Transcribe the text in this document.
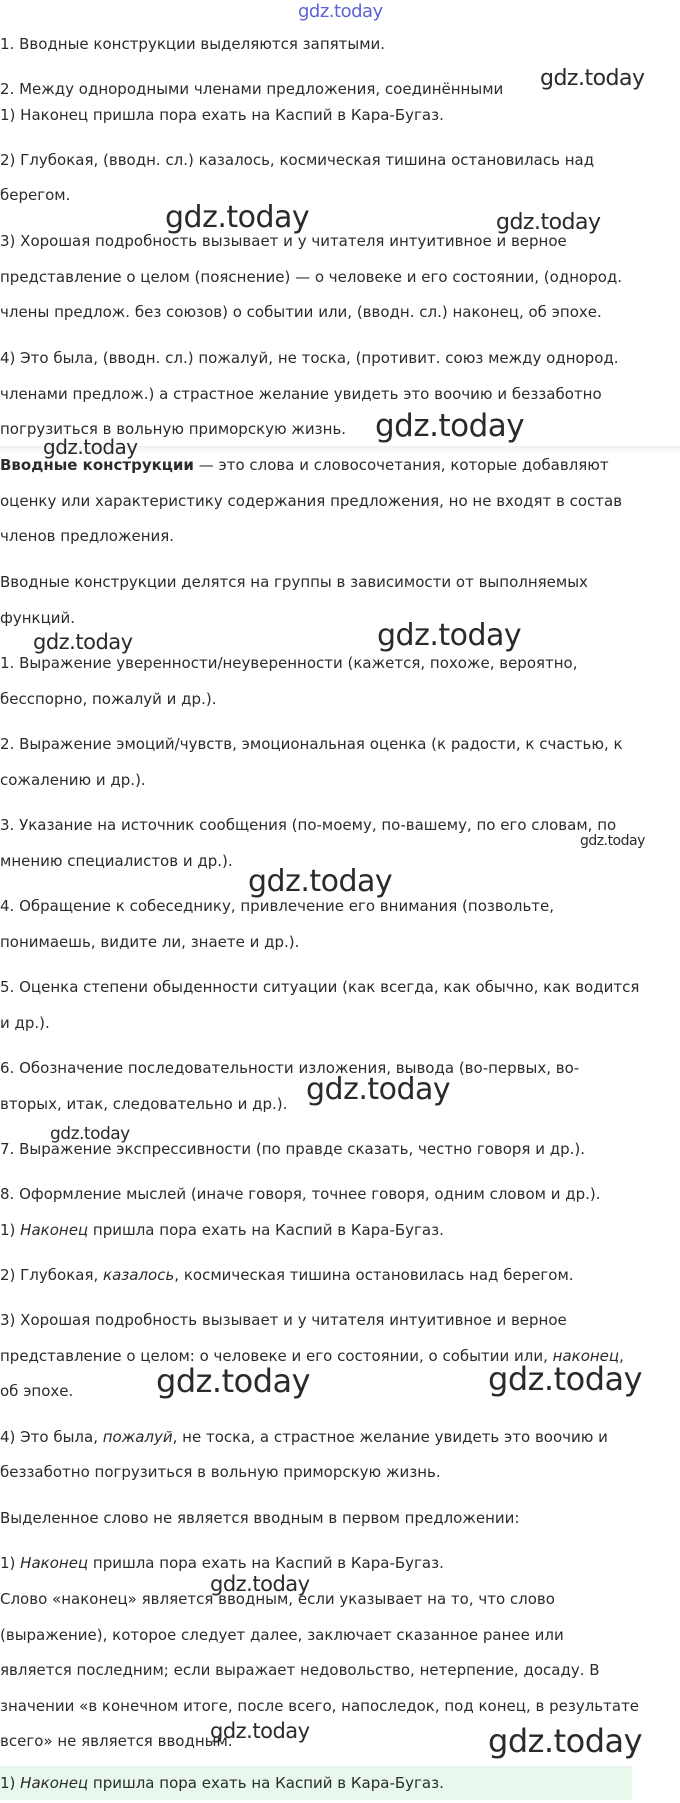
1. Вводные конструкции выделяются запятыми.
2. Между однородными членами предложения, соединёнными
1) Наконец пришла пора ехать на Каспий в Кара-Бугаз.
2) Глубокая, (вводн. сл.) казалось, космическая тишина остановилась над
берегом.
3) Хорошая подробность вызывает и у читателя интуитивное и верное
представление о целом (пояснение) — о человеке и его состоянии, (однород.
члены предлож. без союзов) о событии или, (вводн. сл.) наконец, об эпохе.
4) Это была, (вводн. сл.) пожалуй, не тоска, (противит. союз между однород.
членами предлож.) а страстное желание увидеть это воочию и беззаботно
погрузиться в вольную приморскую жизнь.
Вводные конструкции — это слова и словосочетания, которые добавляют
оценку или характеристику содержания предложения, но не входят в состав
членов предложения.
Вводные конструкции делятся на группы в зависимости от выполняемых
функций.
1. Выражение уверенности/неуверенности (кажется, похоже, вероятно,
бесспорно, пожалуй и др.).
2. Выражение эмоций/чувств, эмоциональная оценка (к радости, к счастью, к
сожалению и др.).
3. Указание на источник сообщения (по-моему, по-вашему, по его словам, по
мнению специалистов и др.).
4. Обращение к собеседнику, привлечение его внимания (позвольте,
понимаешь, видите ли, знаете и др.).
5. Оценка степени обыденности ситуации (как всегда, как обычно, как водится
и др.).
6. Обозначение последовательности изложения, вывода (во-первых, во-
вторых, итак, следовательно и др.).
7. Выражение экспрессивности (по правде сказать, честно говоря и др.).
8. Оформление мыслей (иначе говоря, точнее говоря, одним словом и др.).
1) Наконец пришла пора ехать на Каспий в Кара-Бугаз.
2) Глубокая, казалось, космическая тишина остановилась над берегом.
3) Хорошая подробность вызывает и у читателя интуитивное и верное
представление о целом: о человеке и его состоянии, о событии или, наконец,
об эпохе.
4) Это была, пожалуй, не тоска, а страстное желание увидеть это воочию и
беззаботно погрузиться в вольную приморскую жизнь.
Выделенное слово не является вводным в первом предложении:
1) Наконец пришла пора ехать на Каспий в Кара-Бугаз.
Слово «наконец» является вводным, если указывает на то, что слово
(выражение), которое следует далее, заключает сказанное ранее или
является последним; если выражает недовольство, нетерпение, досаду. В
значении «в конечном итоге, после всего, напоследок, под конец, в результате
всего» не является вводным.
1) Наконец пришла пора ехать на Каспий в Кара-Бугаз.
gdz.today
gdz.today
gdz.today	gdz.today
gdz.today
gdz.today
gdz.today	gdz.today
gdz.today
gdz.today
gdz.today
gdz.today
gdz.today	gdz.today
gdz.today
gdz.today	gdz.today
